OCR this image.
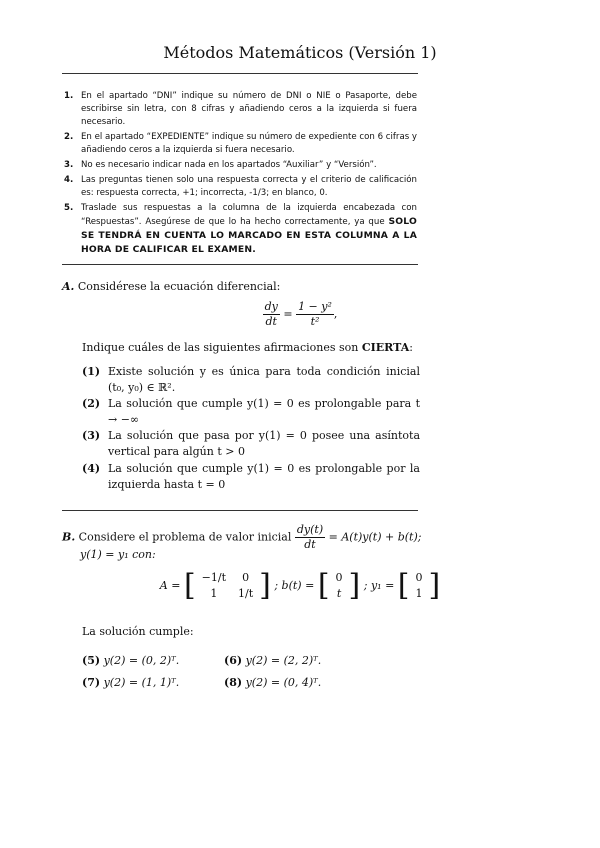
Métodos Matemáticos (Versión 1)
1. En el apartado “DNI” indique su número de DNI o NIE o Pasaporte, debe escribirse sin letra, con 8 cifras y añadiendo ceros a la izquierda si fuera necesario.
2. En el apartado “EXPEDIENTE” indique su número de expediente con 6 cifras y añadiendo ceros a la izquierda si fuera necesario.
3. No es necesario indicar nada en los apartados “Auxiliar” y “Versión”.
4. Las preguntas tienen solo una respuesta correcta y el criterio de calificación es: respuesta correcta, +1; incorrecta, -1/3; en blanco, 0.
5. Traslade sus respuestas a la columna de la izquierda encabezada con “Respuestas”. Asegúrese de que lo ha hecho correctamente, ya que SOLO SE TENDRÁ EN CUENTA LO MARCADO EN ESTA COLUMNA A LA HORA DE CALIFICAR EL EXAMEN.
A. Considérese la ecuación diferencial:
$\frac{dy}{dt} = \frac{\text{1 − y²}}{\text{t²}}$ ,
Indique cuáles de las siguientes afirmaciones son CIERTA:
(1) Existe solución y es única para toda condición inicial (t₀, y₀) ∈ ℝ².
(2) La solución que cumple y(1) = 0 es prolongable para t → −∞
(3) La solución que pasa por y(1) = 0 posee una asíntota vertical para algún t > 0
(4) La solución que cumple y(1) = 0 es prolongable por la izquierda hasta t = 0
B. Considere el problema de valor inicial $\frac{dy(t)}{dt} = A(t)y(t) + b(t)$;
y(1) = y₁ con:
A = [ −1/t	0
1	1/t ] ; b(t) = [ 0
t ] ; y₁ = [ 0
1 ]
La solución cumple:
(5) y(2) = (0, 2)ᵀ.	(6) y(2) = (2, 2)ᵀ.
(7) y(2) = (1, 1)ᵀ.	(8) y(2) = (0, 4)ᵀ.
